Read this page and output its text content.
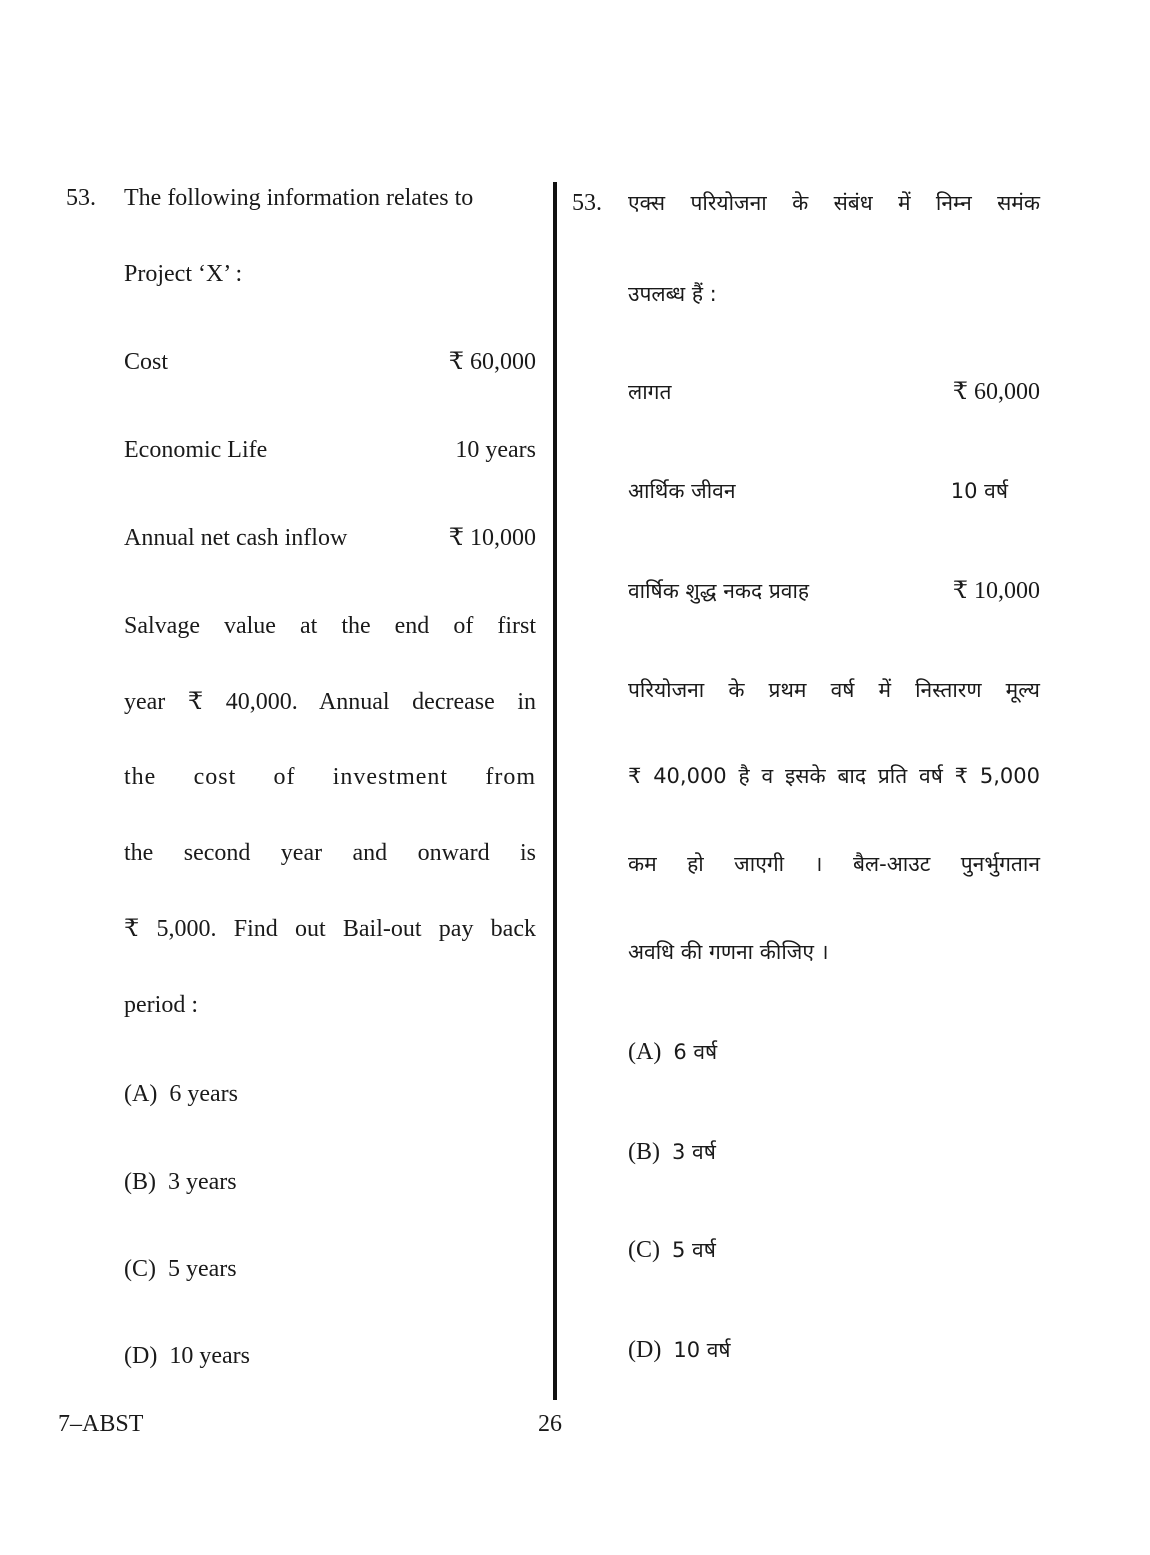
53.	The following information relates to
Project ‘X’ :
Cost	₹ 60,000
Economic Life	10 years
Annual net cash inflow	₹ 10,000
Salvage value at the end of first
year ₹ 40,000. Annual decrease in
the cost of investment from
the second year and onward is
₹ 5,000. Find out Bail-out pay back
period :
(A) 6 years
(B) 3 years
(C) 5 years
(D) 10 years
53. एक्स परियोजना के संबंध में निम्न समंक
उपलब्ध हैं :
लागत	₹ 60,000
आर्थिक जीवन	10 वर्ष
वार्षिक शुद्ध नकद प्रवाह	₹ 10,000
परियोजना के प्रथम वर्ष में निस्तारण मूल्य
₹ 40,000 है व इसके बाद प्रति वर्ष ₹ 5,000
कम हो जाएगी । बैल-आउट पुनर्भुगतान
अवधि की गणना कीजिए ।
(A) 6 वर्ष
(B) 3 वर्ष
(C) 5 वर्ष
(D) 10 वर्ष
7–ABST	26
